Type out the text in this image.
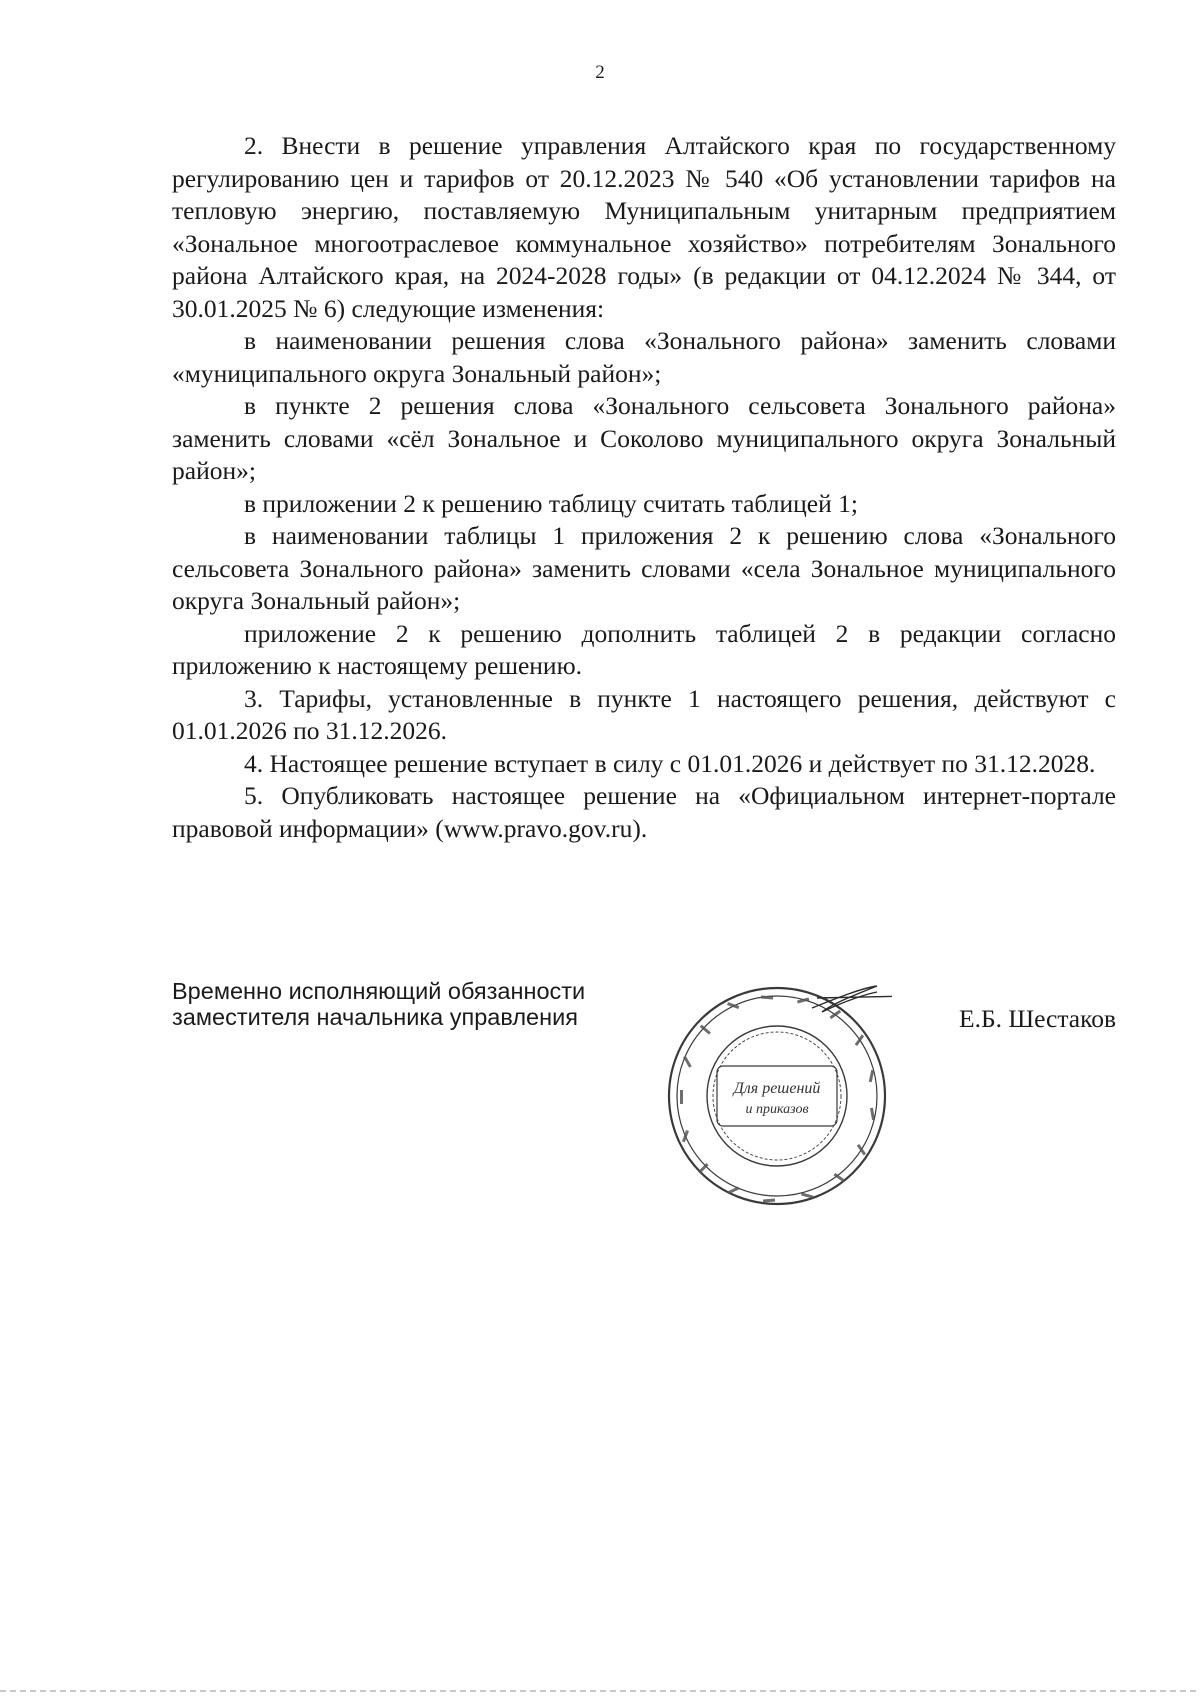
2

2. Внести в решение управления Алтайского края по государственному регулированию цен и тарифов от 20.12.2023 № 540 «Об установлении тарифов на тепловую энергию, поставляемую Муниципальным унитарным предприятием «Зональное многоотраслевое коммунальное хозяйство» потребителям Зонального района Алтайского края, на 2024-2028 годы» (в редакции от 04.12.2024 № 344, от 30.01.2025 № 6) следующие изменения:

в наименовании решения слова «Зонального района» заменить словами «муниципального округа Зональный район»;

в пункте 2 решения слова «Зонального сельсовета Зонального района» заменить словами «сёл Зональное и Соколово муниципального округа Зональный район»;

в приложении 2 к решению таблицу считать таблицей 1;

в наименовании таблицы 1 приложения 2 к решению слова «Зонального сельсовета Зонального района» заменить словами «села Зональное муниципального округа Зональный район»;

приложение 2 к решению дополнить таблицей 2 в редакции согласно приложению к настоящему решению.

3. Тарифы, установленные в пункте 1 настоящего решения, действуют с 01.01.2026 по 31.12.2026.

4. Настоящее решение вступает в силу с 01.01.2026 и действует по 31.12.2028.

5. Опубликовать настоящее решение на «Официальном интернет-портале правовой информации» (www.pravo.gov.ru).

Временно исполняющий обязанности
заместителя начальника управления
Для решений
и приказов
Е.Б. Шестаков
